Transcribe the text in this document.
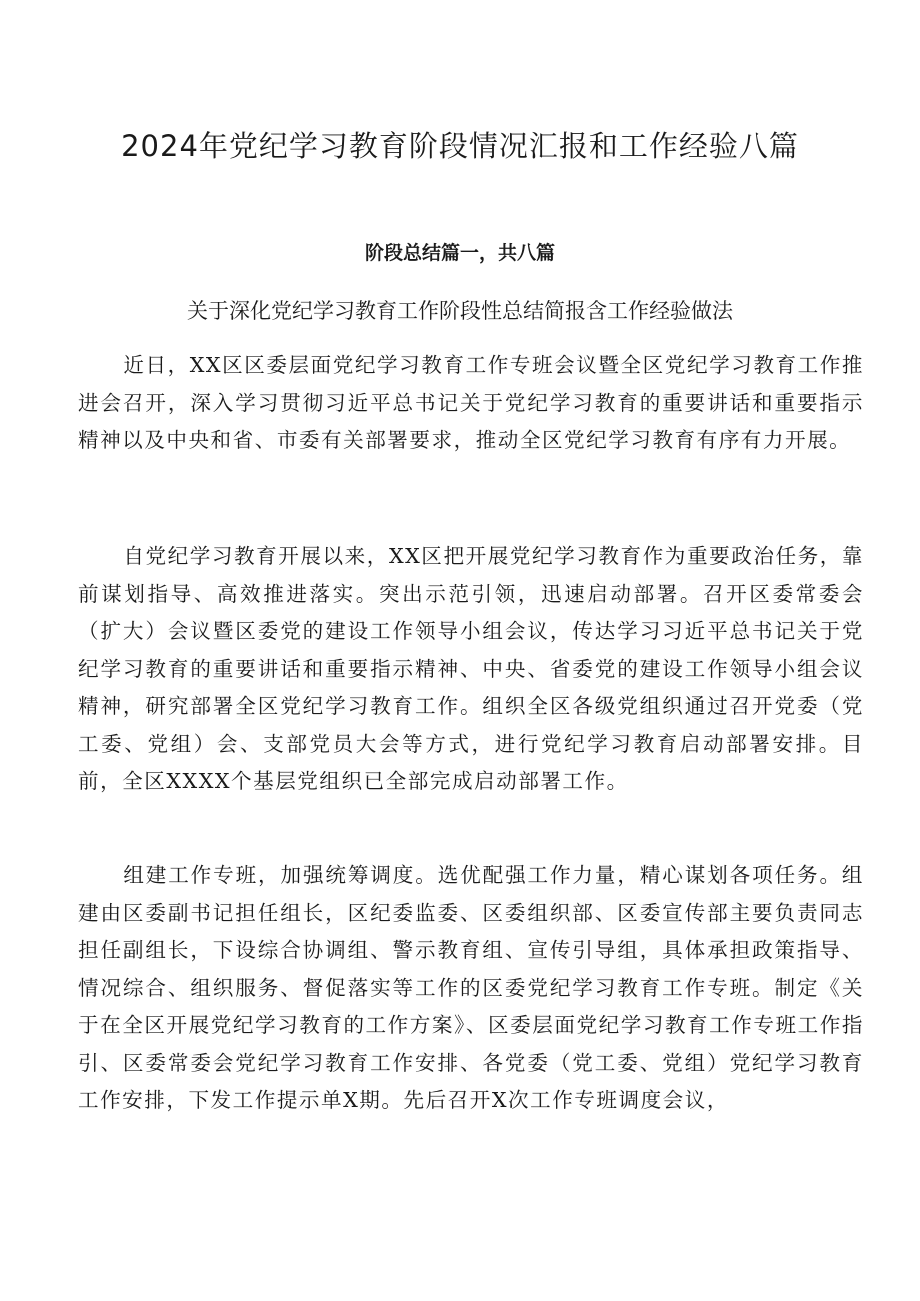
2024年党纪学习教育阶段情况汇报和工作经验八篇
阶段总结篇一，共八篇
关于深化党纪学习教育工作阶段性总结简报含工作经验做法

近日，XX区区委层面党纪学习教育工作专班会议暨全区党纪学习教育工作推进会召开，深入学习贯彻习近平总书记关于党纪学习教育的重要讲话和重要指示精神以及中央和省、市委有关部署要求，推动全区党纪学习教育有序有力开展。

自党纪学习教育开展以来，XX区把开展党纪学习教育作为重要政治任务，靠前谋划指导、高效推进落实。突出示范引领，迅速启动部署。召开区委常委会（扩大）会议暨区委党的建设工作领导小组会议，传达学习习近平总书记关于党纪学习教育的重要讲话和重要指示精神、中央、省委党的建设工作领导小组会议精神，研究部署全区党纪学习教育工作。组织全区各级党组织通过召开党委（党工委、党组）会、支部党员大会等方式，进行党纪学习教育启动部署安排。目前，全区XXXX个基层党组织已全部完成启动部署工作。

组建工作专班，加强统筹调度。选优配强工作力量，精心谋划各项任务。组建由区委副书记担任组长，区纪委监委、区委组织部、区委宣传部主要负责同志担任副组长，下设综合协调组、警示教育组、宣传引导组，具体承担政策指导、情况综合、组织服务、督促落实等工作的区委党纪学习教育工作专班。制定《关于在全区开展党纪学习教育的工作方案》、区委层面党纪学习教育工作专班工作指引、区委常委会党纪学习教育工作安排、各党委（党工委、党组）党纪学习教育工作安排，下发工作提示单X期。先后召开X次工作专班调度会议，
